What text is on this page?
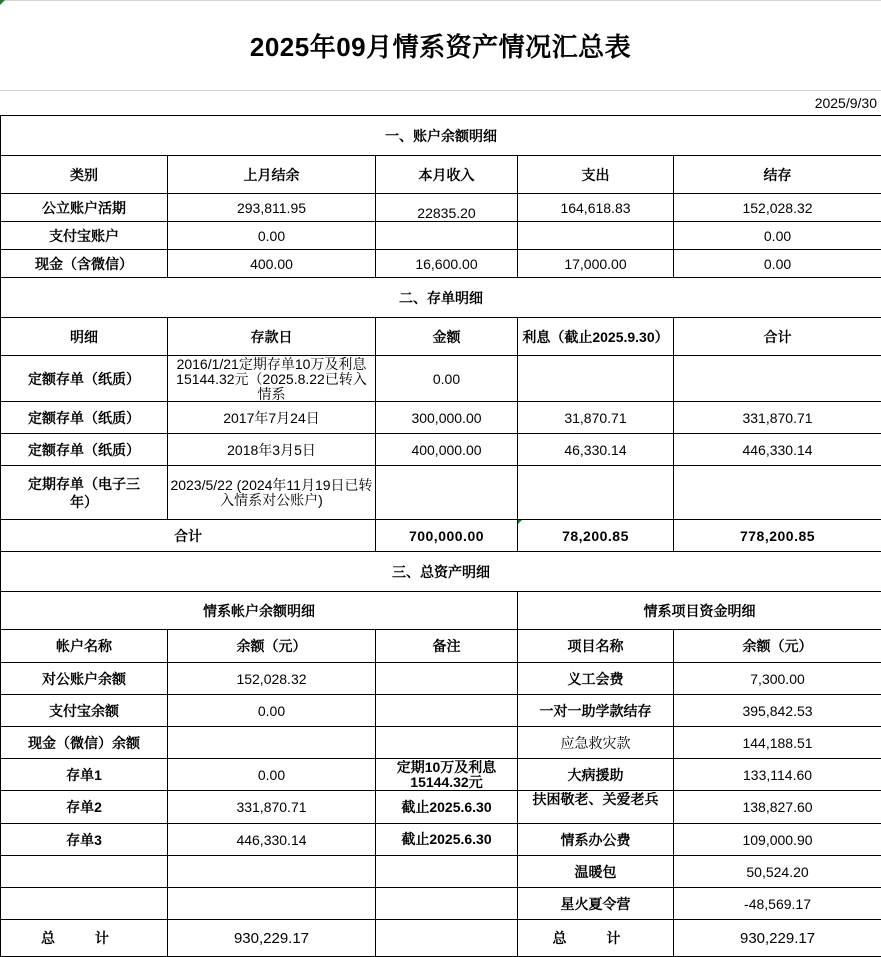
2025年09月情系资产情况汇总表
2025/9/30
一、账户余额明细				
类别	上月结余	本月收入	支出	结存
公立账户活期	293,811.95	22835.20	164,618.83	152,028.32
支付宝账户	0.00			0.00
现金（含微信）	400.00	16,600.00	17,000.00	0.00
二、存单明细				
明细	存款日	金额	利息（截止2025.9.30）	合计
定额存单（纸质）	2016/1/21定期存单10万及利息15144.32元（2025.8.22已转入情系	0.00		
定额存单（纸质）	2017年7月24日	300,000.00	31,870.71	331,870.71
定额存单（纸质）	2018年3月5日	400,000.00	46,330.14	446,330.14
定期存单（电子三年）	2023/5/22 (2024年11月19日已转入情系对公账户)			
合计		700,000.00	78,200.85	778,200.85
三、总资产明细				
情系帐户余额明细			情系项目资金明细	
帐户名称	余额（元）	备注	项目名称	余额（元）
对公账户余额	152,028.32		义工会费	7,300.00
支付宝余额	0.00		一对一助学款结存	395,842.53
现金（微信）余额			应急救灾款	144,188.51
存单1	0.00	定期10万及利息15144.32元	大病援助	133,114.60
存单2	331,870.71	截止2025.6.30	扶困敬老、关爱老兵	138,827.60
存单3	446,330.14	截止2025.6.30	情系办公费	109,000.90
			温暖包	50,524.20
			星火夏令营	-48,569.17
总 计	930,229.17		总 计	930,229.17
